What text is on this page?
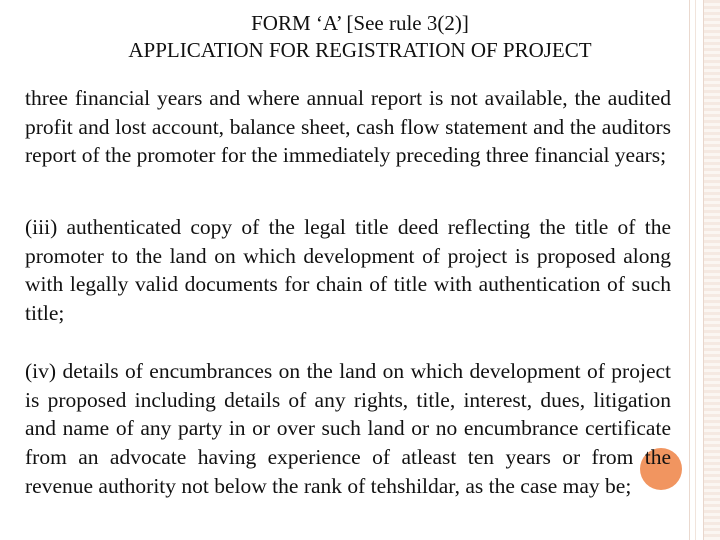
FORM ‘A’ [See rule 3(2)]
APPLICATION FOR REGISTRATION OF PROJECT
three financial years and where annual report is not available, the audited profit and lost account, balance sheet, cash flow statement and the auditors report of the promoter for the immediately preceding three financial years;
(iii) authenticated copy of the legal title deed reflecting the title of the promoter to the land on which development of project is proposed along with legally valid documents for chain of title with authentication of such title;
(iv) details of encumbrances on the land on which development of project is proposed including details of any rights, title, interest, dues, litigation and name of any party in or over such land or no encumbrance certificate from an advocate having experience of atleast ten years or from the revenue authority not below the rank of tehshildar, as the case may be;
